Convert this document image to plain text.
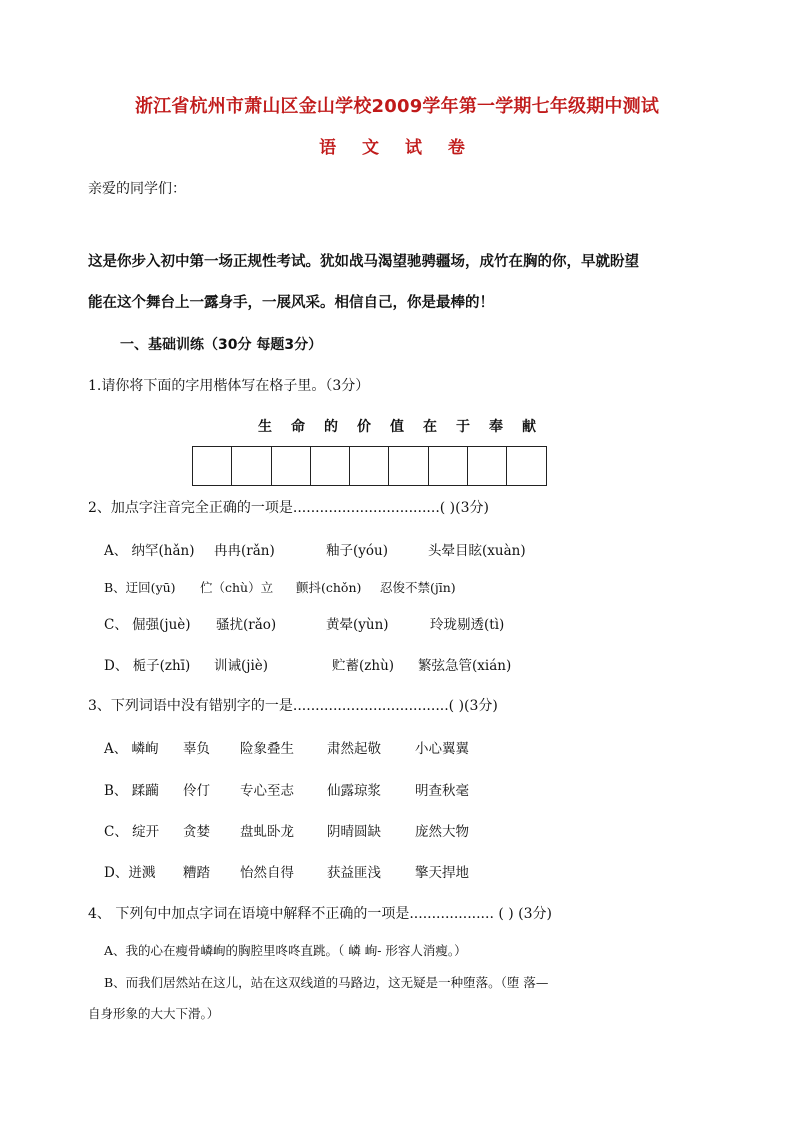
浙江省杭州市萧山区金山学校2009学年第一学期七年级期中测试
语 文 试 卷
亲爱的同学们：
这是你步入初中第一场正规性考试。犹如战马渴望驰骋疆场，成竹在胸的你，早就盼望
能在这个舞台上一露身手，一展风采。相信自己，你是最棒的！
一、基础训练（30分 每题3分）
1.请你将下面的字用楷体写在格子里。（3分）
生 命 的 价 值 在 于 奉 献
2、加点字注音完全正确的一项是.................................( )(3分)
A、 纳罕(hǎn) 冉冉(rǎn)	釉子(yóu)	头晕目眩(xuàn)
B、迂回(yū) 伫（chù）立 颤抖(chǒn) 忍俊不禁(jīn)
C、 倔强(juè) 骚扰(rǎo)	黄晕(yùn)	玲珑剔透(tì)
D、 栀子(zhī) 训诫(jiè)	贮蓄(zhù) 繁弦急管(xián)
3、下列词语中没有错别字的一是...................................( )(3分)
A、 嶙峋 辜负 险象叠生 肃然起敬	小心翼翼
B、 蹂躏 伶仃 专心至志 仙露琼浆	明查秋毫
C、 绽开 贪婪 盘虬卧龙 阴晴圆缺	庞然大物
D、迸溅 糟踏 怡然自得 获益匪浅	擎天捍地
4、 下列句中加点字词在语境中解释不正确的一项是................... ( ) (3分)
A、我的心在瘦骨嶙峋的胸腔里咚咚直跳。（ 嶙 峋- 形容人消瘦。）
B、而我们居然站在这儿，站在这双线道的马路边，这无疑是一种堕落。（堕 落—
自身形象的大大下滑。）
